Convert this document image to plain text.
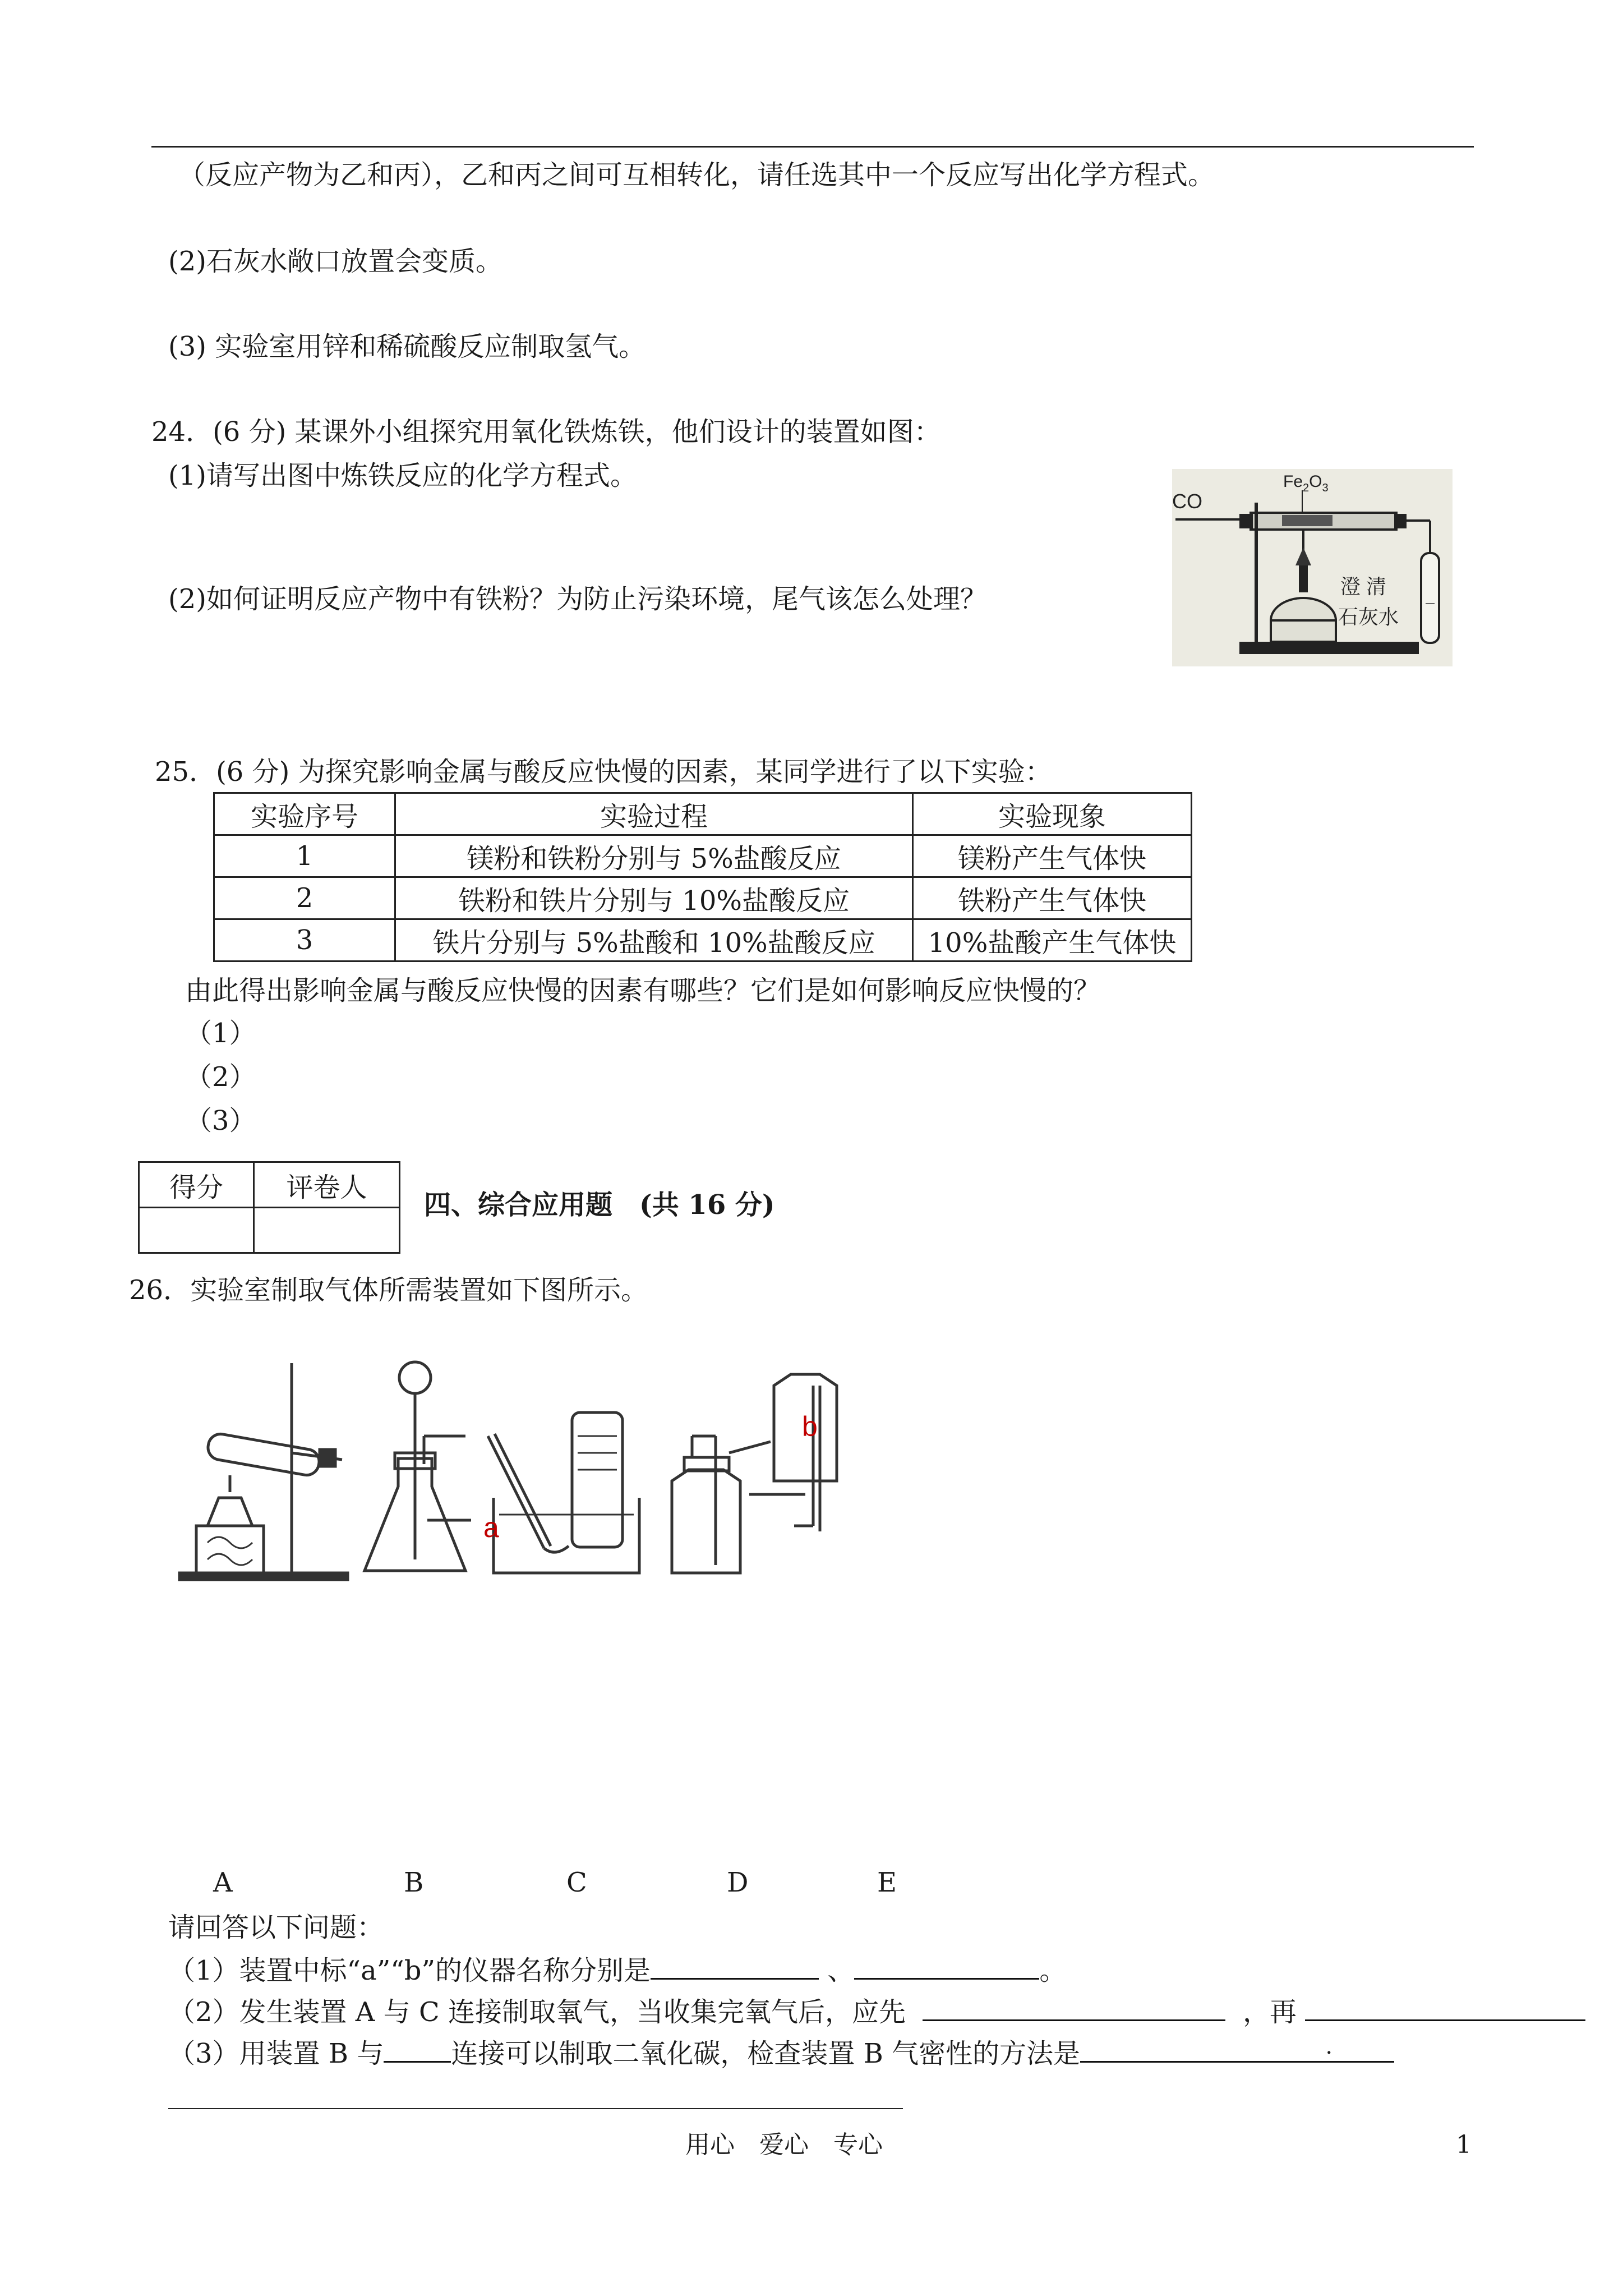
（反应产物为乙和丙），乙和丙之间可互相转化，请任选其中一个反应写出化学方程式。
(2)石灰水敞口放置会变质。
(3) 实验室用锌和稀硫酸反应制取氢气。
24．(6 分) 某课外小组探究用氧化铁炼铁，他们设计的装置如图：
(1)请写出图中炼铁反应的化学方程式。
(2)如何证明反应产物中有铁粉？为防止污染环境，尾气该怎么处理？
CO
$Fe_2O_3$
澄 清
石灰水
25．(6 分) 为探究影响金属与酸反应快慢的因素，某同学进行了以下实验：
实验序号	实验过程	实验现象
1	镁粉和铁粉分别与 5%盐酸反应	镁粉产生气体快
2	铁粉和铁片分别与 10%盐酸反应	铁粉产生气体快
3	铁片分别与 5%盐酸和 10%盐酸反应	10%盐酸产生气体快
由此得出影响金属与酸反应快慢的因素有哪些？它们是如何影响反应快慢的？
（1）
（2）
（3）
得分	评卷人

四、综合应用题　(共 16 分)
26．实验室制取气体所需装置如下图所示。
a
b
A	B	C	D	E
请回答以下问题：
（1）装置中标“a”“b”的仪器名称分别是	、	。
（2）发生装置 A 与 C 连接制取氧气，当收集完氧气后，应先	，再
（3）用装置 B 与	连接可以制取二氧化碳，检查装置 B 气密性的方法是	.
用心　爱心　专心	1
